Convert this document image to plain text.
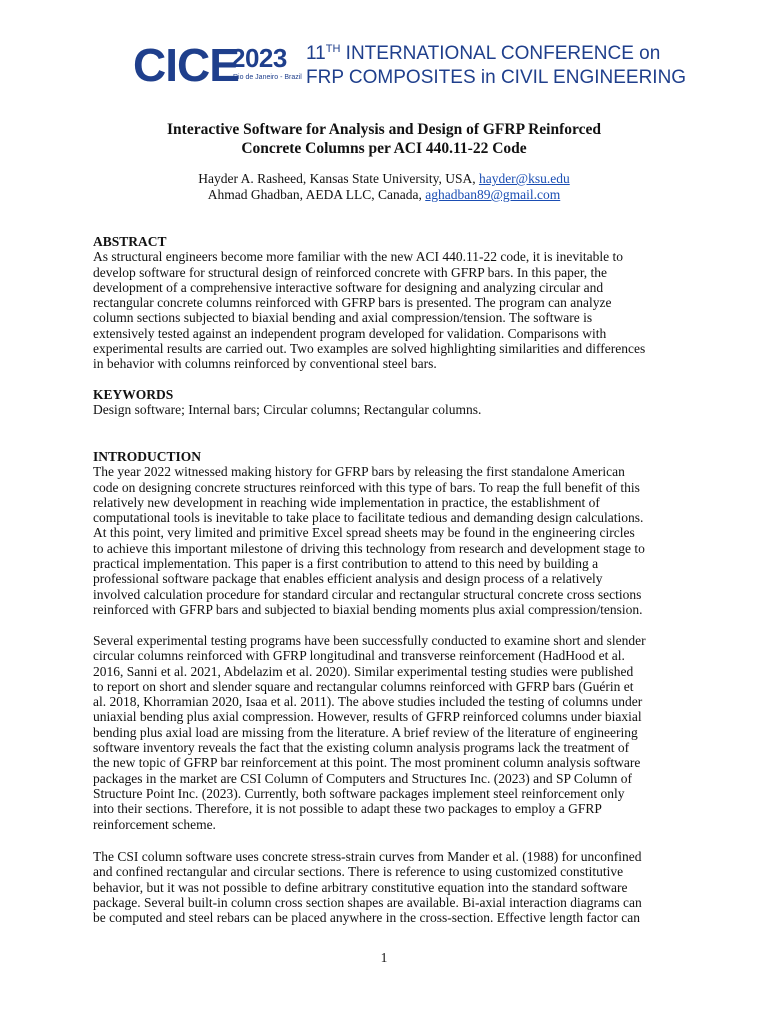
CICE
2023
Rio de Janeiro - Brazil
11TH INTERNATIONAL CONFERENCE on
FRP COMPOSITES in CIVIL ENGINEERING
Interactive Software for Analysis and Design of GFRP Reinforced
Concrete Columns per ACI 440.11-22 Code
Hayder A. Rasheed, Kansas State University, USA, hayder@ksu.edu
Ahmad Ghadban, AEDA LLC, Canada, aghadban89@gmail.com
ABSTRACT
As structural engineers become more familiar with the new ACI 440.11-22 code, it is inevitable to
develop software for structural design of reinforced concrete with GFRP bars. In this paper, the
development of a comprehensive interactive software for designing and analyzing circular and
rectangular concrete columns reinforced with GFRP bars is presented. The program can analyze
column sections subjected to biaxial bending and axial compression/tension. The software is
extensively tested against an independent program developed for validation. Comparisons with
experimental results are carried out. Two examples are solved highlighting similarities and differences
in behavior with columns reinforced by conventional steel bars.
KEYWORDS
Design software; Internal bars; Circular columns; Rectangular columns.
INTRODUCTION
The year 2022 witnessed making history for GFRP bars by releasing the first standalone American
code on designing concrete structures reinforced with this type of bars. To reap the full benefit of this
relatively new development in reaching wide implementation in practice, the establishment of
computational tools is inevitable to take place to facilitate tedious and demanding design calculations.
At this point, very limited and primitive Excel spread sheets may be found in the engineering circles
to achieve this important milestone of driving this technology from research and development stage to
practical implementation. This paper is a first contribution to attend to this need by building a
professional software package that enables efficient analysis and design process of a relatively
involved calculation procedure for standard circular and rectangular structural concrete cross sections
reinforced with GFRP bars and subjected to biaxial bending moments plus axial compression/tension.
Several experimental testing programs have been successfully conducted to examine short and slender
circular columns reinforced with GFRP longitudinal and transverse reinforcement (HadHood et al.
2016, Sanni et al. 2021, Abdelazim et al. 2020). Similar experimental testing studies were published
to report on short and slender square and rectangular columns reinforced with GFRP bars (Guérin et
al. 2018, Khorramian 2020, Isaa et al. 2011). The above studies included the testing of columns under
uniaxial bending plus axial compression. However, results of GFRP reinforced columns under biaxial
bending plus axial load are missing from the literature. A brief review of the literature of engineering
software inventory reveals the fact that the existing column analysis programs lack the treatment of
the new topic of GFRP bar reinforcement at this point. The most prominent column analysis software
packages in the market are CSI Column of Computers and Structures Inc. (2023) and SP Column of
Structure Point Inc. (2023). Currently, both software packages implement steel reinforcement only
into their sections. Therefore, it is not possible to adapt these two packages to employ a GFRP
reinforcement scheme.
The CSI column software uses concrete stress-strain curves from Mander et al. (1988) for unconfined
and confined rectangular and circular sections. There is reference to using customized constitutive
behavior, but it was not possible to define arbitrary constitutive equation into the standard software
package. Several built-in column cross section shapes are available. Bi-axial interaction diagrams can
be computed and steel rebars can be placed anywhere in the cross-section. Effective length factor can
1
